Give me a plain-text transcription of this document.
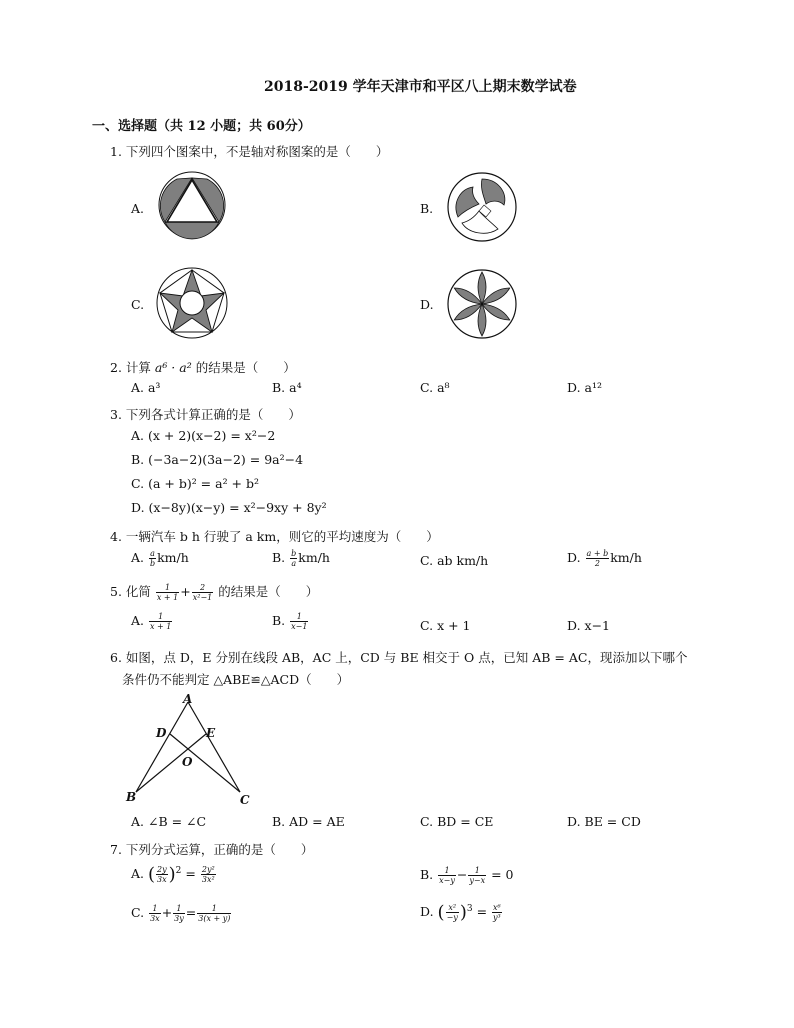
2018-2019 学年天津市和平区八上期末数学试卷
一、选择题（共 12 小题；共 60分）
1. 下列四个图案中，不是轴对称图案的是（　　）
A.	B.
C.	D.
2. 计算 a⁶ · a² 的结果是（　　）
A. a³	B. a⁴	C. a⁸	D. a¹²
3. 下列各式计算正确的是（　　）
A. (x + 2)(x−2) = x²−2
B. (−3a−2)(3a−2) = 9a²−4
C. (a + b)² = a² + b²
D. (x−8y)(x−y) = x²−9xy + 8y²
4. 一辆汽车 b h 行驶了 a km，则它的平均速度为（　　）
A. $\frac{a}{b} km/h$	B. $\frac{b}{a} km/h$	C. ab km/h	D. $\frac{a + b}{2} km/h$
5. 化简 $\frac{1}{x + 1} + \frac{2}{\text{x²−1}}$ 的结果是（　　）
A. $\frac{1}{x + 1}$	B. $\frac{1}{x-1}$	C. x + 1	D. x−1
6. 如图，点 D，E 分别在线段 AB，AC 上，CD 与 BE 相交于 O 点，已知 AB = AC，现添加以下哪个
条件仍不能判定 △ABE≌△ACD（　　）
A
D	E
O
B	C
A. ∠B = ∠C	B. AD = AE	C. BD = CE	D. BE = CD
7. 下列分式运算，正确的是（　　）
A. ( $\frac{2y}{3x} )^2 = \frac{\text{2y²}}{\text{3x²}}$	B. $\frac{1}{x-y} - \frac{1}{y-x} = 0$
C. $\frac{1}{3x} + \frac{1}{3y} = \frac{1}{3(x + y)}$	D. ( $\frac{\text{x²}}{-y} )^3 = \frac{\text{x⁶}}{\text{y³}}$
